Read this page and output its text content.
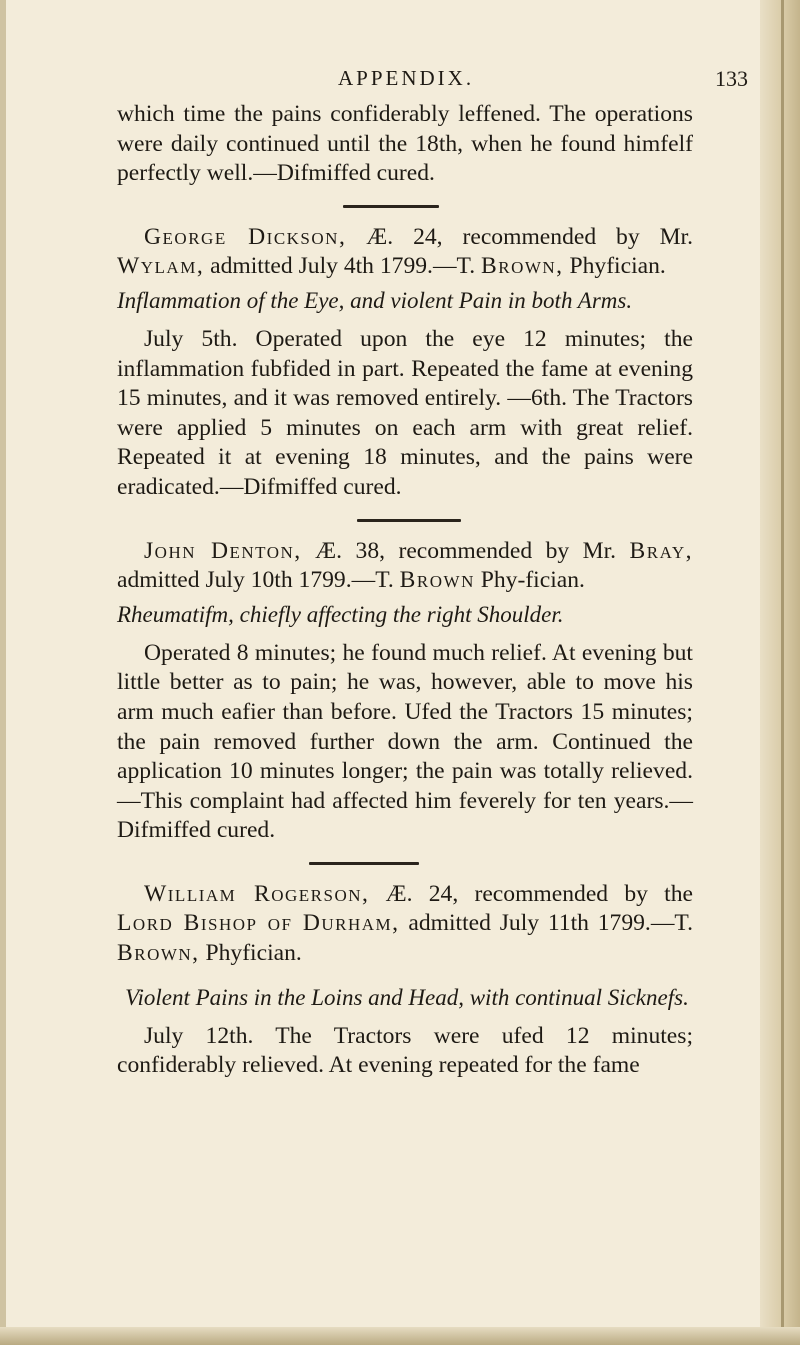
APPENDIX.	133

which time the pains confiderably leffened. The operations were daily continued until the 18th, when he found himfelf perfectly well.—Difmiffed cured.

George Dickson, Æ. 24, recommended by Mr. Wylam, admitted July 4th 1799.—T. Brown, Phyfician.

Inflammation of the Eye, and violent Pain in both Arms.

July 5th. Operated upon the eye 12 minutes; the inflammation fubfided in part. Repeated the fame at evening 15 minutes, and it was removed entirely. —6th. The Tractors were applied 5 minutes on each arm with great relief. Repeated it at evening 18 minutes, and the pains were eradicated.—Difmiffed cured.

John Denton, Æ. 38, recommended by Mr. Bray, admitted July 10th 1799.—T. Brown Phy-fician.

Rheumatifm, chiefly affecting the right Shoulder.

Operated 8 minutes; he found much relief. At evening but little better as to pain; he was, however, able to move his arm much eafier than before. Ufed the Tractors 15 minutes; the pain removed further down the arm. Continued the application 10 minutes longer; the pain was totally relieved.—This complaint had affected him feverely for ten years.—Difmiffed cured.

William Rogerson, Æ. 24, recommended by the Lord Bishop of Durham, admitted July 11th 1799.—T. Brown, Phyfician.

Violent Pains in the Loins and Head, with continual Sicknefs.

July 12th. The Tractors were ufed 12 minutes; confiderably relieved. At evening repeated for the fame
